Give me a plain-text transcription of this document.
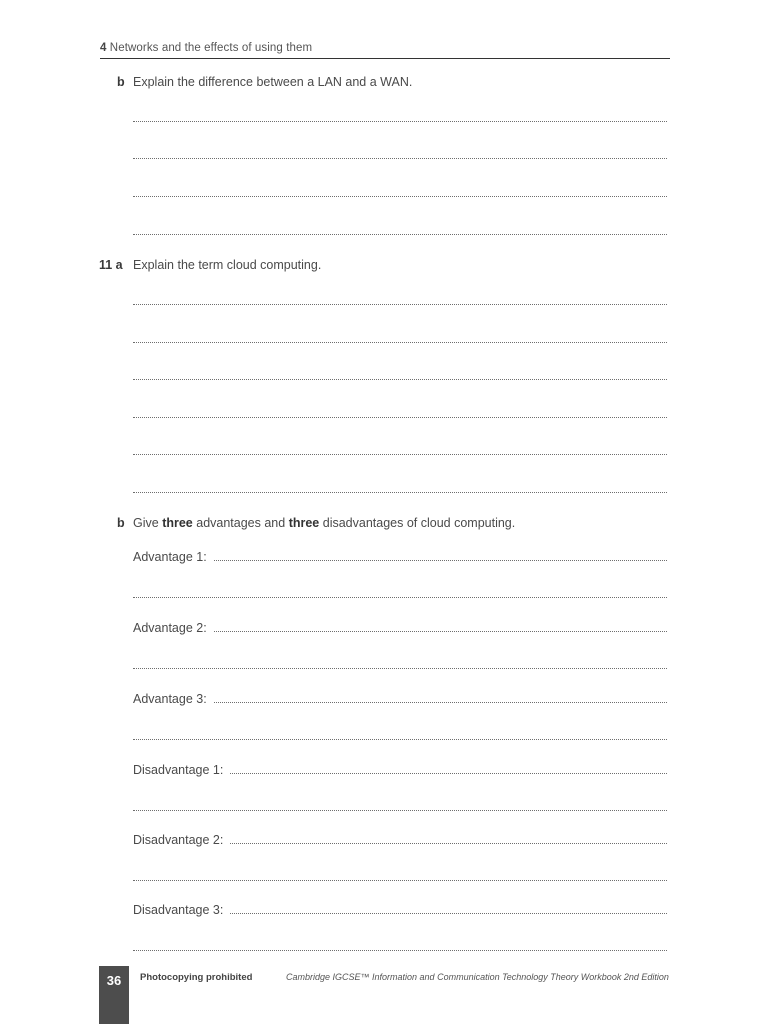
4 Networks and the effects of using them
b Explain the difference between a LAN and a WAN.
11 a Explain the term cloud computing.
b Give three advantages and three disadvantages of cloud computing.
Advantage 1:
Advantage 2:
Advantage 3:
Disadvantage 1:
Disadvantage 2:
Disadvantage 3:
36	Photocopying prohibited	Cambridge IGCSE™ Information and Communication Technology Theory Workbook 2nd Edition
